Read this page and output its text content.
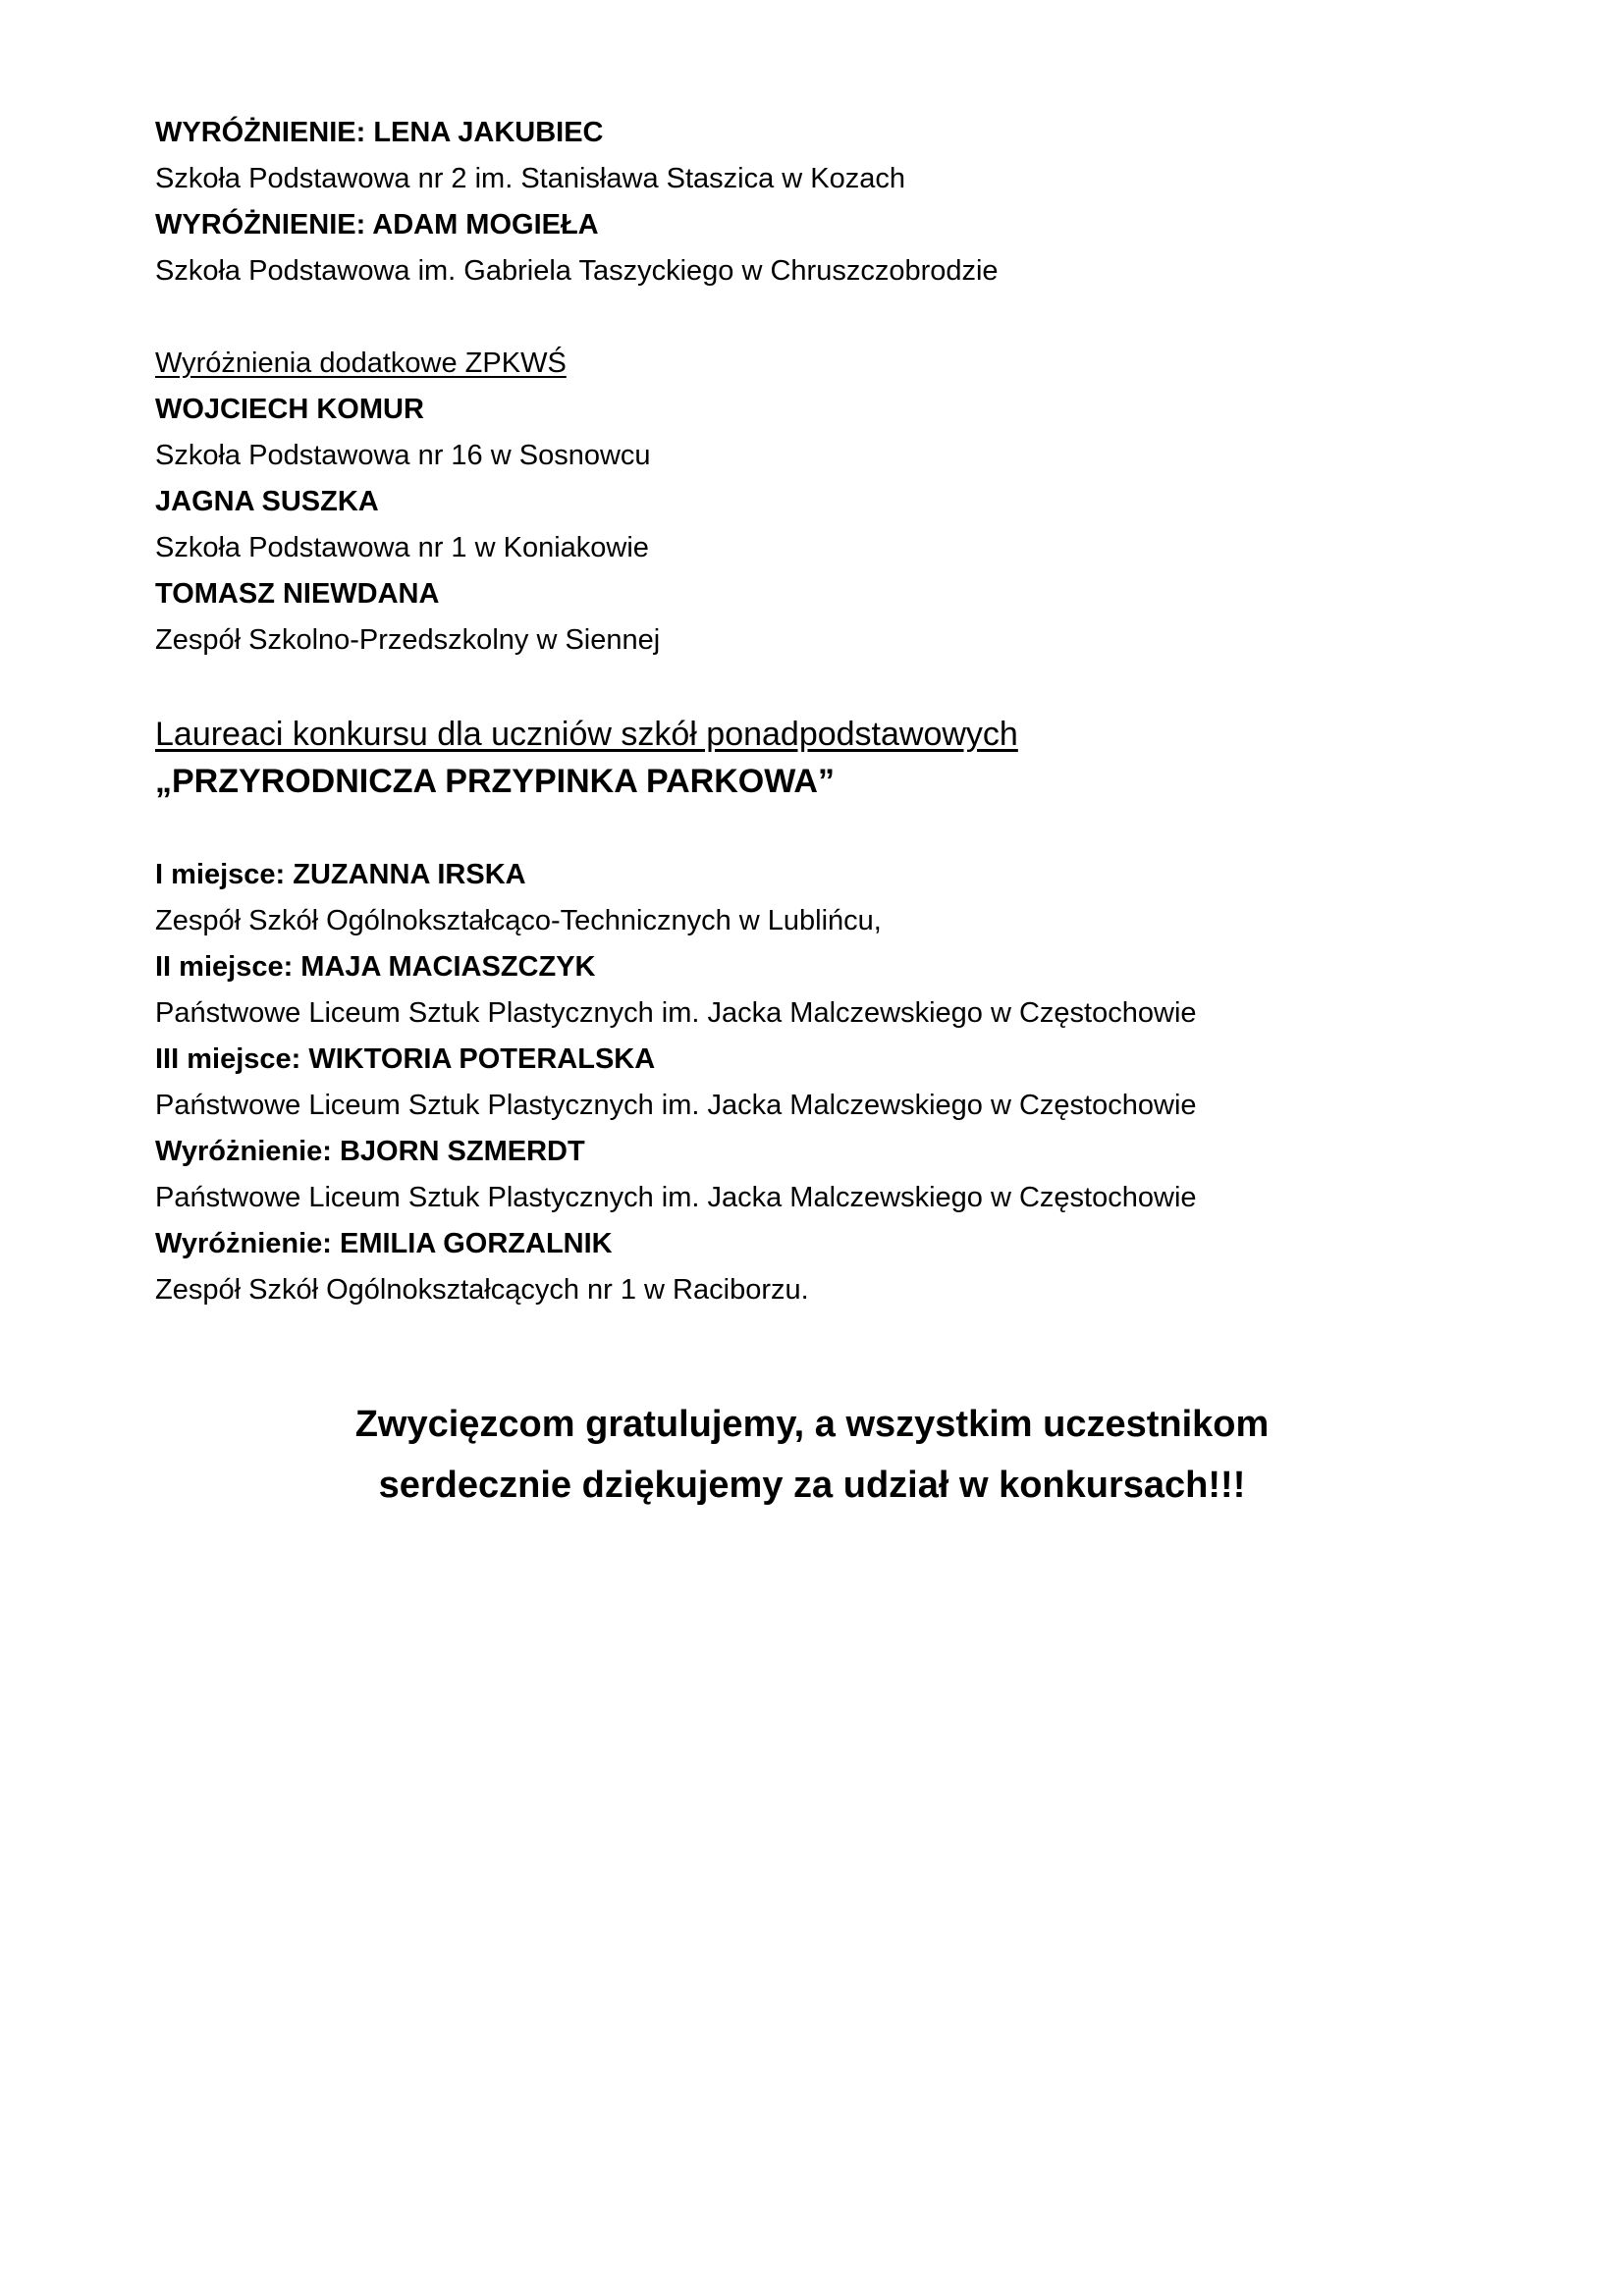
WYRÓŻNIENIE: LENA JAKUBIEC
Szkoła Podstawowa nr 2 im. Stanisława Staszica w Kozach
WYRÓŻNIENIE: ADAM MOGIEŁA
Szkoła Podstawowa im. Gabriela Taszyckiego w Chruszczobrodzie
Wyróżnienia dodatkowe ZPKWŚ
WOJCIECH KOMUR
Szkoła Podstawowa nr 16 w Sosnowcu
JAGNA SUSZKA
Szkoła Podstawowa nr 1 w Koniakowie
TOMASZ NIEWDANA
Zespół Szkolno-Przedszkolny w Siennej
Laureaci konkursu dla uczniów szkół ponadpodstawowych
„PRZYRODNICZA PRZYPINKA PARKOWA”
I miejsce: ZUZANNA IRSKA
Zespół Szkół Ogólnokształcąco-Technicznych w Lublińcu,
II miejsce: MAJA MACIASZCZYK
Państwowe Liceum Sztuk Plastycznych im. Jacka Malczewskiego w Częstochowie
III miejsce: WIKTORIA POTERALSKA
Państwowe Liceum Sztuk Plastycznych im. Jacka Malczewskiego w Częstochowie
Wyróżnienie: BJORN SZMERDT
Państwowe Liceum Sztuk Plastycznych im. Jacka Malczewskiego w Częstochowie
Wyróżnienie: EMILIA GORZALNIK
Zespół Szkół Ogólnokształcących nr 1 w Raciborzu.
Zwycięzcom gratulujemy, a wszystkim uczestnikom
serdecznie dziękujemy za udział w konkursach!!!
